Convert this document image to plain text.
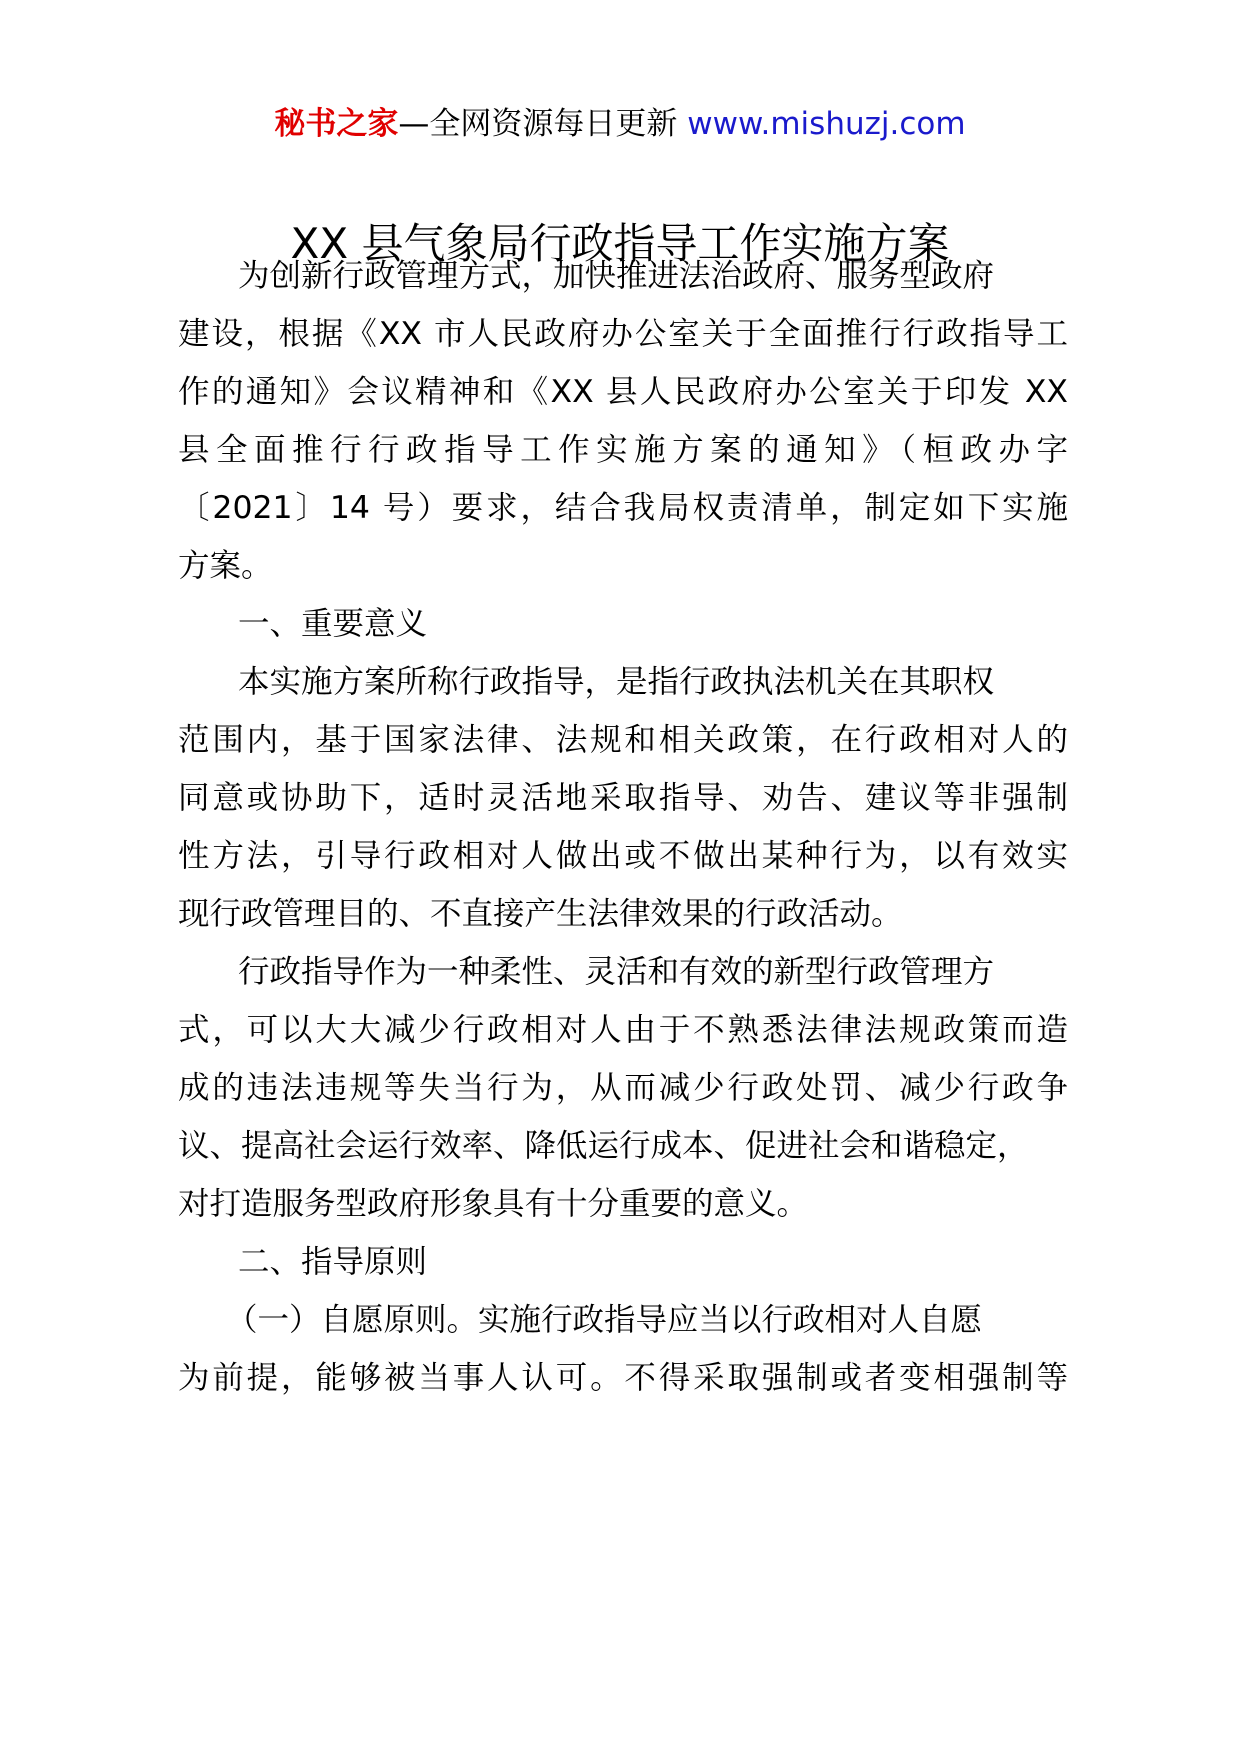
秘书之家—全网资源每日更新 www.mishuzj.com
XX 县气象局行政指导工作实施方案
为创新行政管理方式，加快推进法治政府、服务型政府
建设，根据《XX 市人民政府办公室关于全面推行行政指导工
作的通知》会议精神和《XX 县人民政府办公室关于印发 XX
县全面推行行政指导工作实施方案的通知》（桓政办字
〔2021〕14 号）要求，结合我局权责清单，制定如下实施
方案。
一、重要意义
本实施方案所称行政指导，是指行政执法机关在其职权
范围内，基于国家法律、法规和相关政策，在行政相对人的
同意或协助下，适时灵活地采取指导、劝告、建议等非强制
性方法，引导行政相对人做出或不做出某种行为，以有效实
现行政管理目的、不直接产生法律效果的行政活动。
行政指导作为一种柔性、灵活和有效的新型行政管理方
式，可以大大减少行政相对人由于不熟悉法律法规政策而造
成的违法违规等失当行为，从而减少行政处罚、减少行政争
议、提高社会运行效率、降低运行成本、促进社会和谐稳定，
对打造服务型政府形象具有十分重要的意义。
二、指导原则
（一）自愿原则。实施行政指导应当以行政相对人自愿
为前提，能够被当事人认可。不得采取强制或者变相强制等
